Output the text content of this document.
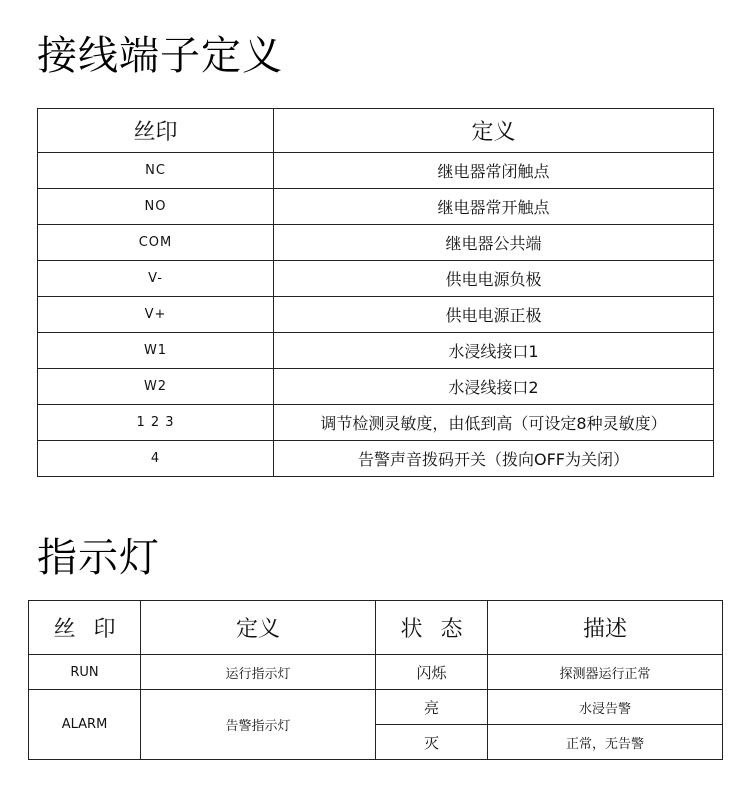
接线端子定义
丝印	定义
NC	继电器常闭触点
NO	继电器常开触点
COM	继电器公共端
V-	供电电源负极
V+	供电电源正极
W1	水浸线接口1
W2	水浸线接口2
1 2 3	调节检测灵敏度，由低到高（可设定8种灵敏度）
4	告警声音拨码开关（拨向OFF为关闭）
指示灯
丝印	定义	状态	描述
RUN	运行指示灯	闪烁	探测器运行正常
ALARM	告警指示灯	亮	水浸告警
		灭	正常，无告警
